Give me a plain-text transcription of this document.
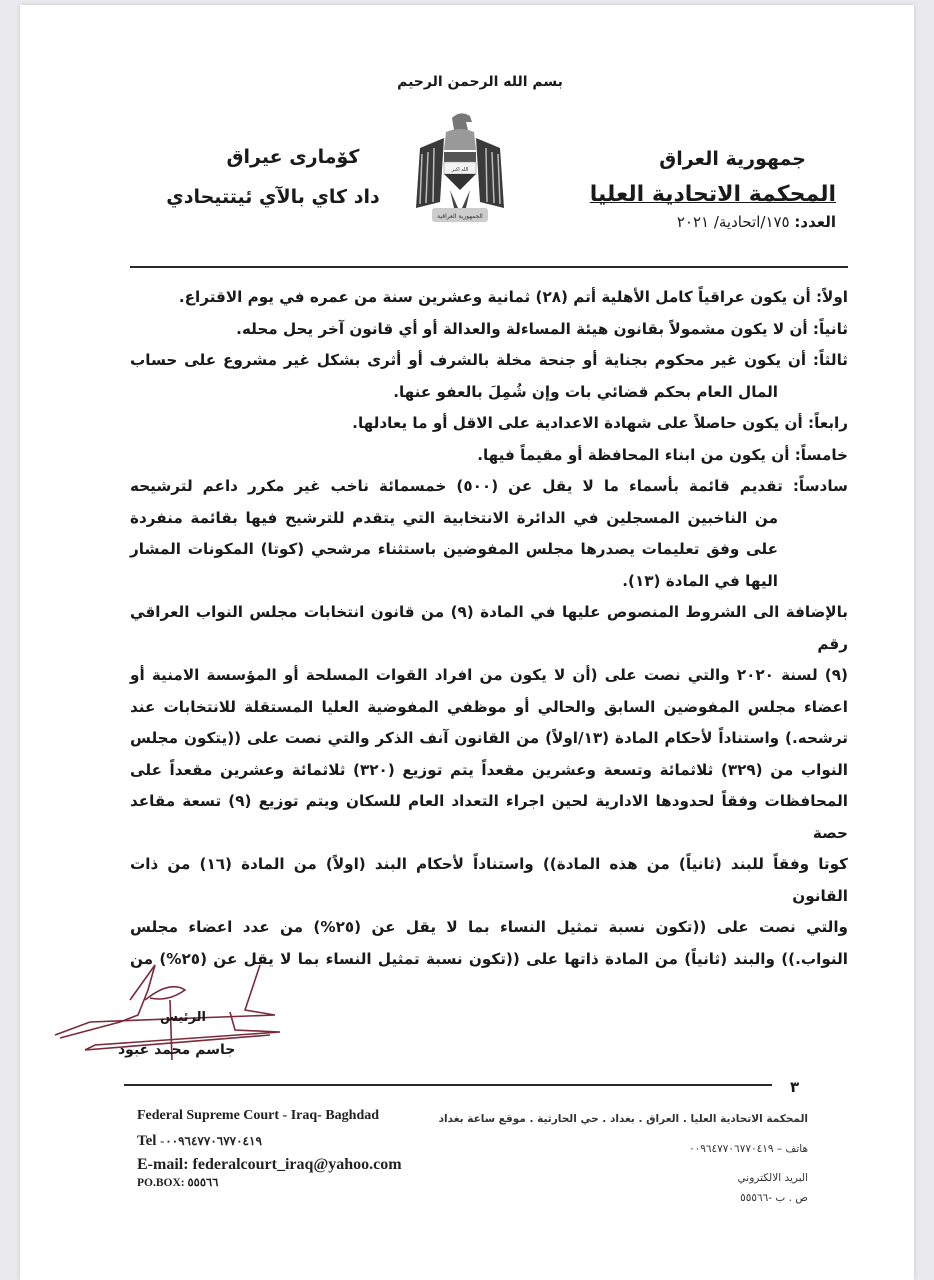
بسم الله الرحمن الرحيم
جمهورية العراق
المحكمة الاتحادية العليا
العدد: ١٧٥/اتحادية/ ٢٠٢١
كوٚماری عیراق
داد كاي بالآي ئيتتيحادي
الله اكبر
الجمهورية العراقية

اولاً: أن يكون عراقياً كامل الأهلية أتم (٢٨) ثمانية وعشرين سنة من عمره في يوم الاقتراع.

ثانياً: أن لا يكون مشمولاً بقانون هيئة المساءلة والعدالة أو أي قانون آخر يحل محله.

ثالثاً: أن يكون غير محكوم بجناية أو جنحة مخلة بالشرف أو أثرى بشكل غير مشروع على حساب

المال العام بحكم قضائي بات وإن شُمِلَ بالعفو عنها.

رابعاً: أن يكون حاصلاً على شهادة الاعدادية على الاقل أو ما يعادلها.

خامساً: أن يكون من ابناء المحافظة أو مقيماً فيها.

سادساً: تقديم قائمة بأسماء ما لا يقل عن (٥٠٠) خمسمائة ناخب غير مكرر داعم لترشيحه

من الناخبين المسجلين في الدائرة الانتخابية التي يتقدم للترشيح فيها بقائمة منفردة

على وفق تعليمات يصدرها مجلس المفوضين باستثناء مرشحي (كوتا) المكونات المشار

اليها في المادة (١٣).

بالإضافة الى الشروط المنصوص عليها في المادة (٩) من قانون انتخابات مجلس النواب العراقي رقم

(٩) لسنة ٢٠٢٠ والتي نصت على (أن لا يكون من افراد القوات المسلحة أو المؤسسة الامنية أو

اعضاء مجلس المفوضين السابق والحالي أو موظفي المفوضية العليا المستقلة للانتخابات عند

ترشحه.) واستناداً لأحكام المادة (١٣/اولاً) من القانون آنف الذكر والتي نصت على ((يتكون مجلس

النواب من (٣٢٩) ثلاثمائة وتسعة وعشرين مقعداً يتم توزيع (٣٢٠) ثلاثمائة وعشرين مقعداً على

المحافظات وفقاً لحدودها الادارية لحين اجراء التعداد العام للسكان ويتم توزيع (٩) تسعة مقاعد حصة

كوتا وفقاً للبند (ثانياً) من هذه المادة)) واستناداً لأحكام البند (اولاً) من المادة (١٦) من ذات القانون

والتي نصت على ((تكون نسبة تمثيل النساء بما لا يقل عن (٢٥%) من عدد اعضاء مجلس

النواب.)) والبند (ثانياً) من المادة ذاتها على ((تكون نسبة تمثيل النساء بما لا يقل عن (٢٥%) من

الرئيس
جاسم محمد عبود
٣
Federal Supreme Court - Iraq- Baghdad
Tel -٠٠٩٦٤٧٧٠٦٧٧٠٤١٩
E-mail: federalcourt_iraq@yahoo.com
PO.BOX: ٥٥٥٦٦
المحكمة الاتحادية العليا . العراق . بغداد . حي الحارثية . موقع ساعة بغداد
هاتف – ٠٠٩٦٤٧٧٠٦٧٧٠٤١٩
البريد الالكتروني
ص . ب -٥٥٥٦٦
